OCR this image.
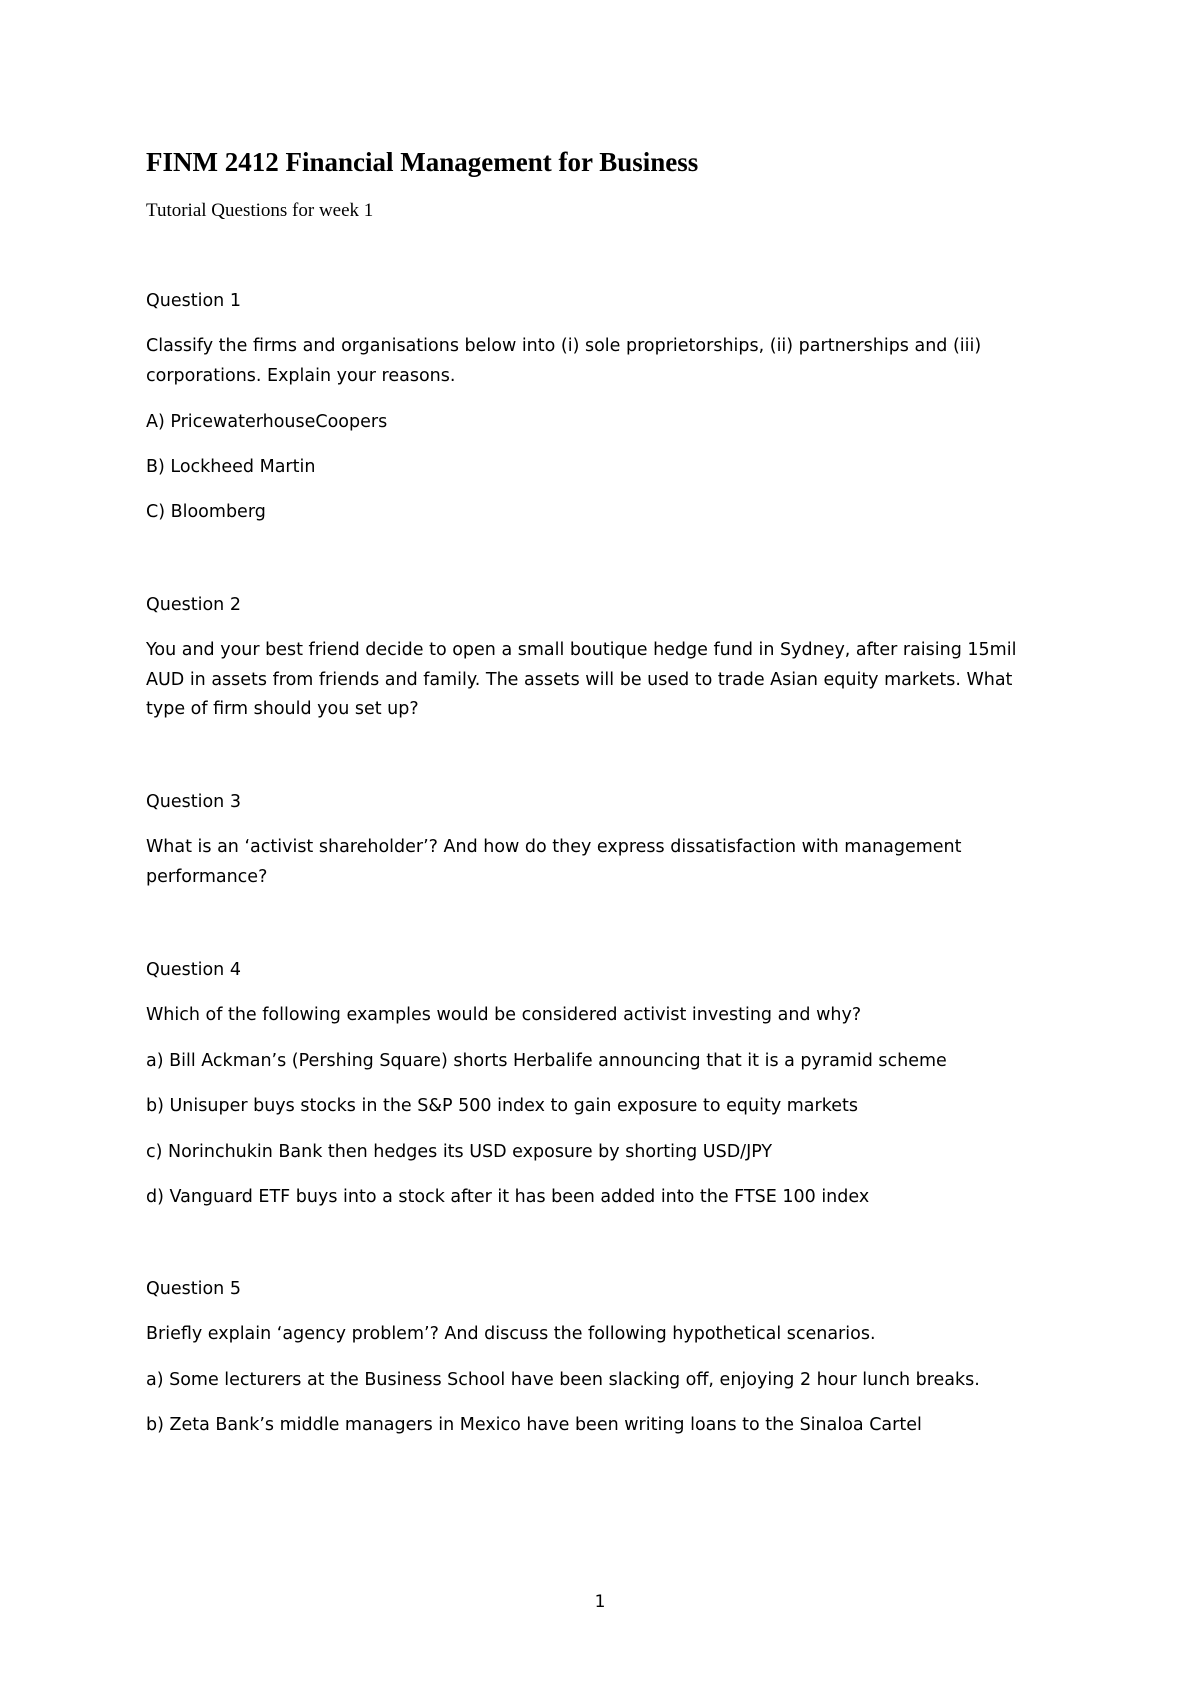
FINM 2412 Financial Management for Business

Tutorial Questions for week 1

Question 1

Classify the firms and organisations below into (i) sole proprietorships, (ii) partnerships and (iii)

corporations. Explain your reasons.

A) PricewaterhouseCoopers

B) Lockheed Martin

C) Bloomberg

Question 2

You and your best friend decide to open a small boutique hedge fund in Sydney, after raising 15mil

AUD in assets from friends and family. The assets will be used to trade Asian equity markets. What

type of firm should you set up?

Question 3

What is an ‘activist shareholder’? And how do they express dissatisfaction with management

performance?

Question 4

Which of the following examples would be considered activist investing and why?

a) Bill Ackman’s (Pershing Square) shorts Herbalife announcing that it is a pyramid scheme

b) Unisuper buys stocks in the S&P 500 index to gain exposure to equity markets

c) Norinchukin Bank then hedges its USD exposure by shorting USD/JPY

d) Vanguard ETF buys into a stock after it has been added into the FTSE 100 index

Question 5

Briefly explain ‘agency problem’? And discuss the following hypothetical scenarios.

a) Some lecturers at the Business School have been slacking off, enjoying 2 hour lunch breaks.

b) Zeta Bank’s middle managers in Mexico have been writing loans to the Sinaloa Cartel

1
